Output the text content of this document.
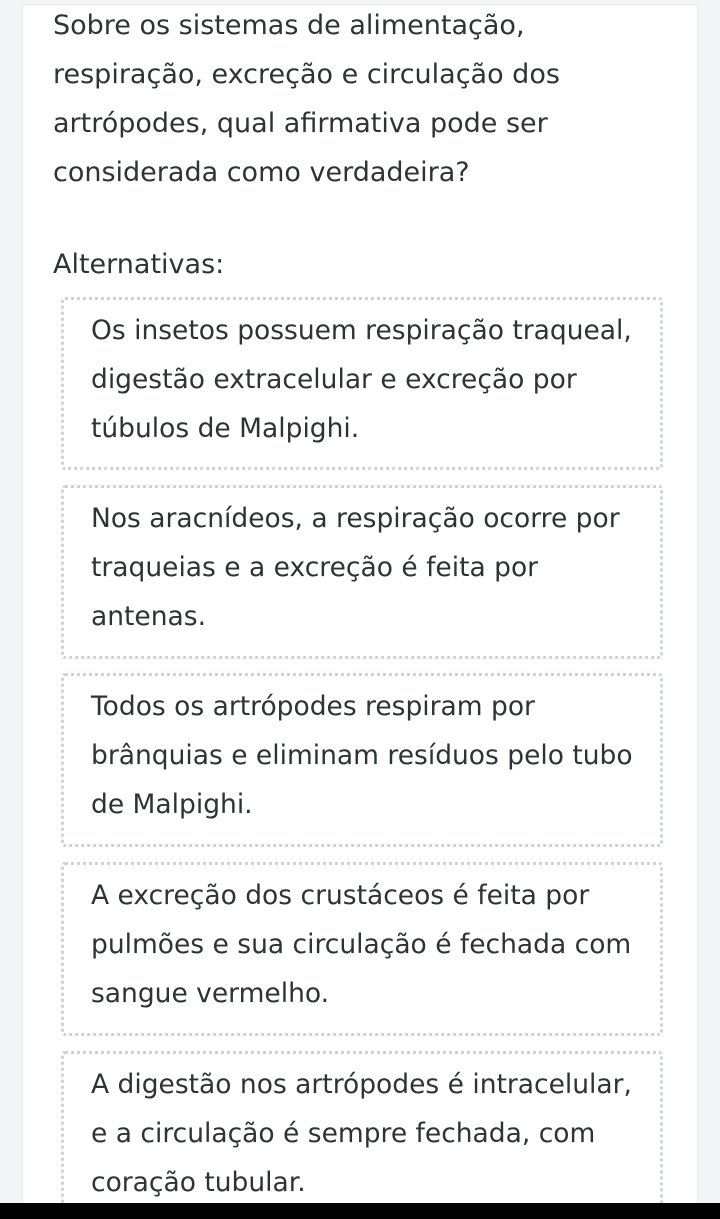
Sobre os sistemas de alimentação, respiração, excreção e circulação dos artrópodes, qual afirmativa pode ser considerada como verdadeira?

Alternativas:

Os insetos possuem respiração traqueal, digestão extracelular e excreção por túbulos de Malpighi.
Nos aracnídeos, a respiração ocorre por traqueias e a excreção é feita por antenas.
Todos os artrópodes respiram por brânquias e eliminam resíduos pelo tubo de Malpighi.
A excreção dos crustáceos é feita por pulmões e sua circulação é fechada com sangue vermelho.
A digestão nos artrópodes é intracelular, e a circulação é sempre fechada, com coração tubular.
